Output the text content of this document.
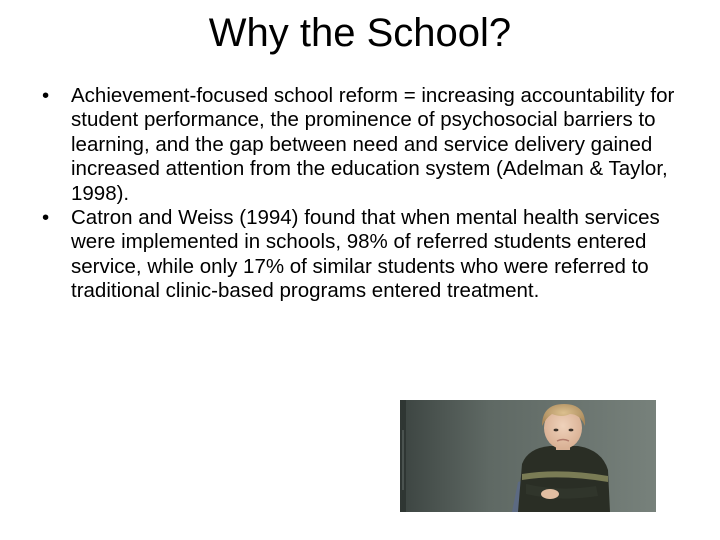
Why the School?
• Achievement-focused school reform = increasing accountability for student performance, the prominence of psychosocial barriers to learning, and the gap between need and service delivery gained increased attention from the education system (Adelman & Taylor, 1998).
• Catron and Weiss (1994) found that when mental health services were implemented in schools, 98% of referred students entered service, while only 17% of similar students who were referred to traditional clinic-based programs entered treatment.
